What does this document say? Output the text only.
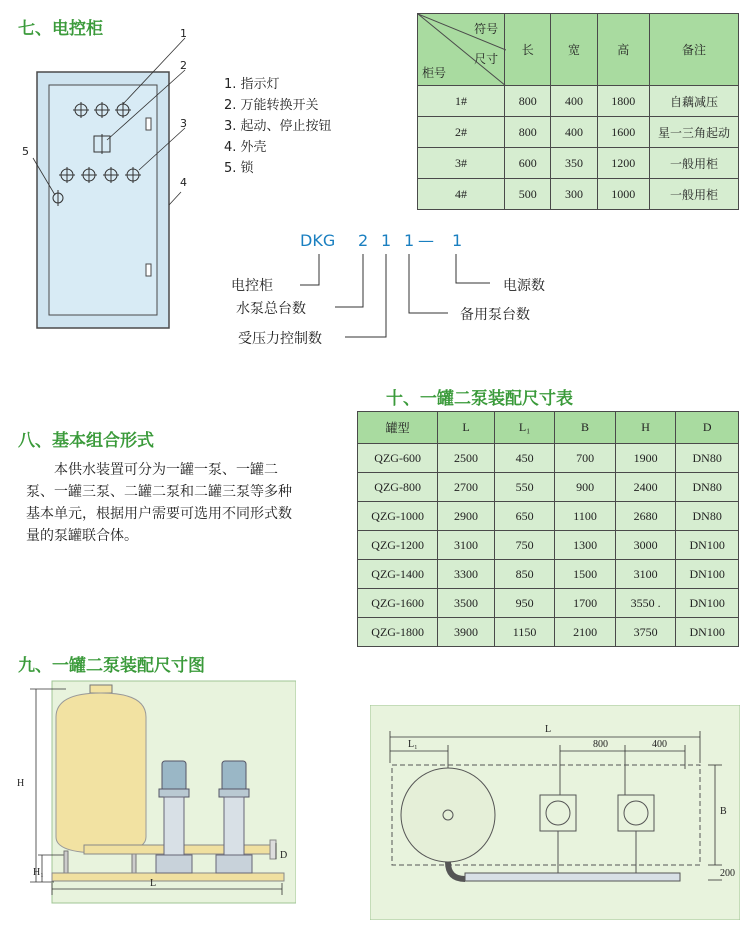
七、电控柜	1
2
3
4
5
1. 指示灯
2. 万能转换开关
3. 起动、停止按钮
4. 外壳
5. 锁
符号
尺寸
柜号	长	宽	高	备注
1#	800	400	1800	自藕减压
2#	800	400	1600	星一三角起动
3#	600	350	1200	一般用柜
4#	500	300	1000	一般用柜
DKG 2 1 1 — 1
电控柜
水泵总台数
受压力控制数
电源数
备用泵台数
十、一罐二泵装配尺寸表
八、基本组合形式
本供水装置可分为一罐一泵、一罐二泵、一罐三泵、二罐二泵和二罐三泵等多种基本单元，根据用户需要可选用不同形式数量的泵罐联合体。
罐型	L	L₁	B	H	D
QZG-600	2500	450	700	1900	DN80
QZG-800	2700	550	900	2400	DN80
QZG-1000	2900	650	1100	2680	DN80
QZG-1200	3100	750	1300	3000	DN100
QZG-1400	3300	850	1500	3100	DN100
QZG-1600	3500	950	1700	3550 .	DN100
QZG-1800	3900	1150	2100	3750	DN100
九、一罐二泵装配尺寸图
H
H₁
L
D
L
L₁	800	400
B
200
